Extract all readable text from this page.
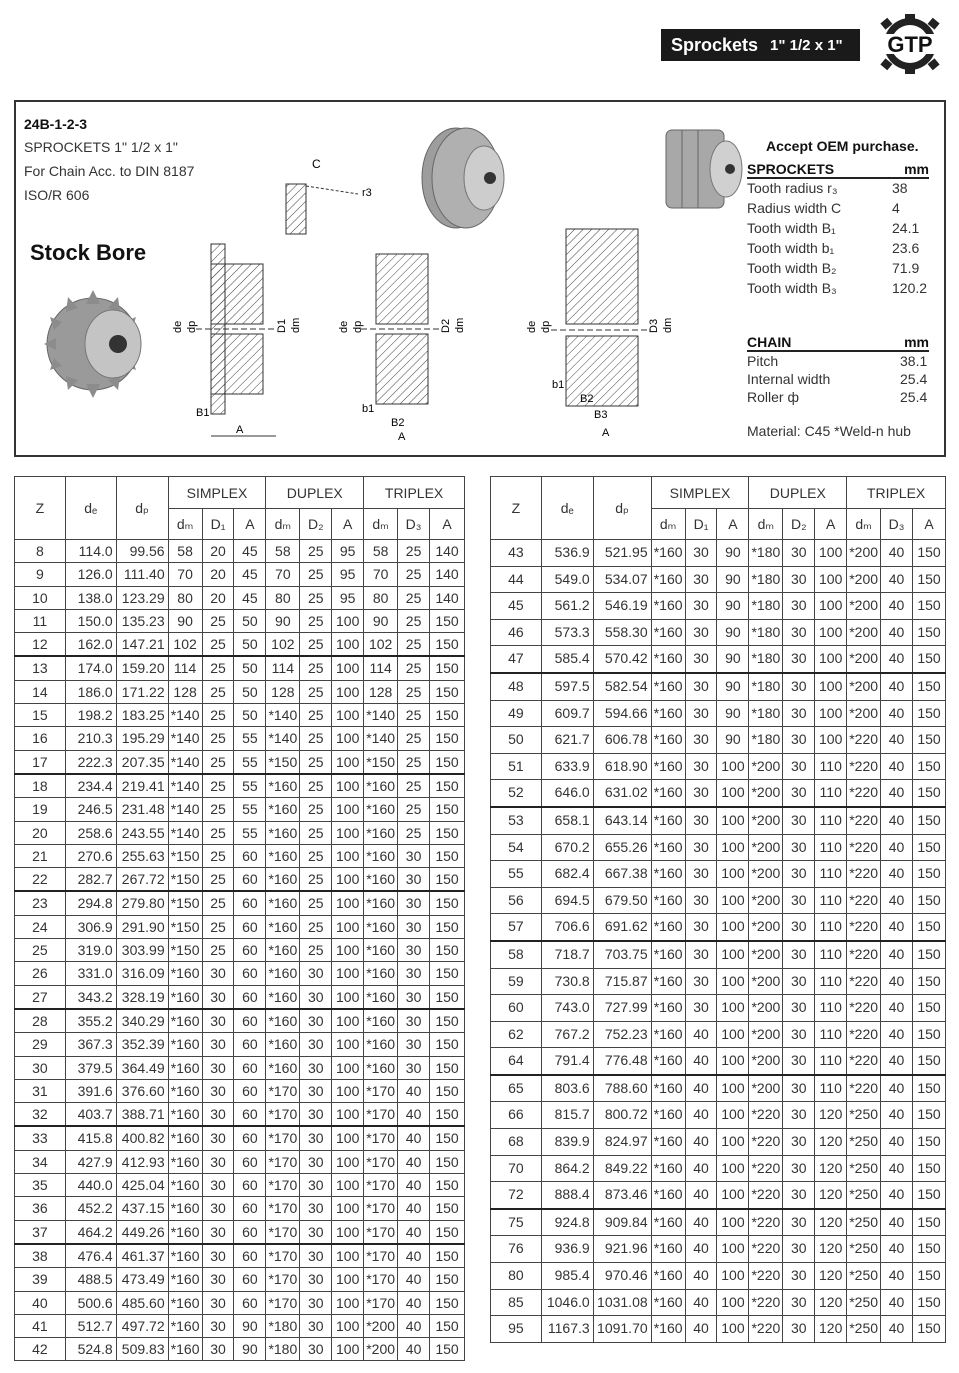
Sprockets 1" 1/2 x 1" GTP
24B-1-2-3
SPROCKETS 1" 1/2 x 1"
For Chain Acc. to DIN 8187
ISO/R 606
Stock Bore
C
r3
de dp	D1 dm
B1
A
de dp	D2 dm
b1
B2
A
de dp	D3 dm
b1
B2
B3
A
Accept OEM purchase.
SPROCKETS	mm
Tooth radius r₃	38
Radius width C	4
Tooth width B₁	24.1
Tooth width b₁	23.6
Tooth width B₂	71.9
Tooth width B₃	120.2
CHAIN	mm
Pitch	38.1
Internal width	25.4
Roller ф	25.4
Material: C45 *Weld-n hub
Z	dₑ	dₚ	SIMPLEX			DUPLEX			TRIPLEX		
			dₘ	D₁	A	dₘ	D₂	A	dₘ	D₃	A
8	114.0	99.56	58	20	45	58	25	95	58	25	140
9	126.0	111.40	70	20	45	70	25	95	70	25	140
10	138.0	123.29	80	20	45	80	25	95	80	25	140
11	150.0	135.23	90	25	50	90	25	100	90	25	150
12	162.0	147.21	102	25	50	102	25	100	102	25	150
13	174.0	159.20	114	25	50	114	25	100	114	25	150
14	186.0	171.22	128	25	50	128	25	100	128	25	150
15	198.2	183.25	*140	25	50	*140	25	100	*140	25	150
16	210.3	195.29	*140	25	55	*140	25	100	*140	25	150
17	222.3	207.35	*140	25	55	*150	25	100	*150	25	150
18	234.4	219.41	*140	25	55	*160	25	100	*160	25	150
19	246.5	231.48	*140	25	55	*160	25	100	*160	25	150
20	258.6	243.55	*140	25	55	*160	25	100	*160	25	150
21	270.6	255.63	*150	25	60	*160	25	100	*160	30	150
22	282.7	267.72	*150	25	60	*160	25	100	*160	30	150
23	294.8	279.80	*150	25	60	*160	25	100	*160	30	150
24	306.9	291.90	*150	25	60	*160	25	100	*160	30	150
25	319.0	303.99	*150	25	60	*160	25	100	*160	30	150
26	331.0	316.09	*160	30	60	*160	30	100	*160	30	150
27	343.2	328.19	*160	30	60	*160	30	100	*160	30	150
28	355.2	340.29	*160	30	60	*160	30	100	*160	30	150
29	367.3	352.39	*160	30	60	*160	30	100	*160	30	150
30	379.5	364.49	*160	30	60	*160	30	100	*160	30	150
31	391.6	376.60	*160	30	60	*170	30	100	*170	40	150
32	403.7	388.71	*160	30	60	*170	30	100	*170	40	150
33	415.8	400.82	*160	30	60	*170	30	100	*170	40	150
34	427.9	412.93	*160	30	60	*170	30	100	*170	40	150
35	440.0	425.04	*160	30	60	*170	30	100	*170	40	150
36	452.2	437.15	*160	30	60	*170	30	100	*170	40	150
37	464.2	449.26	*160	30	60	*170	30	100	*170	40	150
38	476.4	461.37	*160	30	60	*170	30	100	*170	40	150
39	488.5	473.49	*160	30	60	*170	30	100	*170	40	150
40	500.6	485.60	*160	30	60	*170	30	100	*170	40	150
41	512.7	497.72	*160	30	90	*180	30	100	*200	40	150
42	524.8	509.83	*160	30	90	*180	30	100	*200	40	150
Z	dₑ	dₚ	SIMPLEX			DUPLEX			TRIPLEX		
			dₘ	D₁	A	dₘ	D₂	A	dₘ	D₃	A
43	536.9	521.95	*160	30	90	*180	30	100	*200	40	150
44	549.0	534.07	*160	30	90	*180	30	100	*200	40	150
45	561.2	546.19	*160	30	90	*180	30	100	*200	40	150
46	573.3	558.30	*160	30	90	*180	30	100	*200	40	150
47	585.4	570.42	*160	30	90	*180	30	100	*200	40	150
48	597.5	582.54	*160	30	90	*180	30	100	*200	40	150
49	609.7	594.66	*160	30	90	*180	30	100	*200	40	150
50	621.7	606.78	*160	30	90	*180	30	100	*220	40	150
51	633.9	618.90	*160	30	100	*200	30	110	*220	40	150
52	646.0	631.02	*160	30	100	*200	30	110	*220	40	150
53	658.1	643.14	*160	30	100	*200	30	110	*220	40	150
54	670.2	655.26	*160	30	100	*200	30	110	*220	40	150
55	682.4	667.38	*160	30	100	*200	30	110	*220	40	150
56	694.5	679.50	*160	30	100	*200	30	110	*220	40	150
57	706.6	691.62	*160	30	100	*200	30	110	*220	40	150
58	718.7	703.75	*160	30	100	*200	30	110	*220	40	150
59	730.8	715.87	*160	30	100	*200	30	110	*220	40	150
60	743.0	727.99	*160	30	100	*200	30	110	*220	40	150
62	767.2	752.23	*160	40	100	*200	30	110	*220	40	150
64	791.4	776.48	*160	40	100	*200	30	110	*220	40	150
65	803.6	788.60	*160	40	100	*200	30	110	*220	40	150
66	815.7	800.72	*160	40	100	*220	30	120	*250	40	150
68	839.9	824.97	*160	40	100	*220	30	120	*250	40	150
70	864.2	849.22	*160	40	100	*220	30	120	*250	40	150
72	888.4	873.46	*160	40	100	*220	30	120	*250	40	150
75	924.8	909.84	*160	40	100	*220	30	120	*250	40	150
76	936.9	921.96	*160	40	100	*220	30	120	*250	40	150
80	985.4	970.46	*160	40	100	*220	30	120	*250	40	150
85	1046.0	1031.08	*160	40	100	*220	30	120	*250	40	150
95	1167.3	1091.70	*160	40	100	*220	30	120	*250	40	150
